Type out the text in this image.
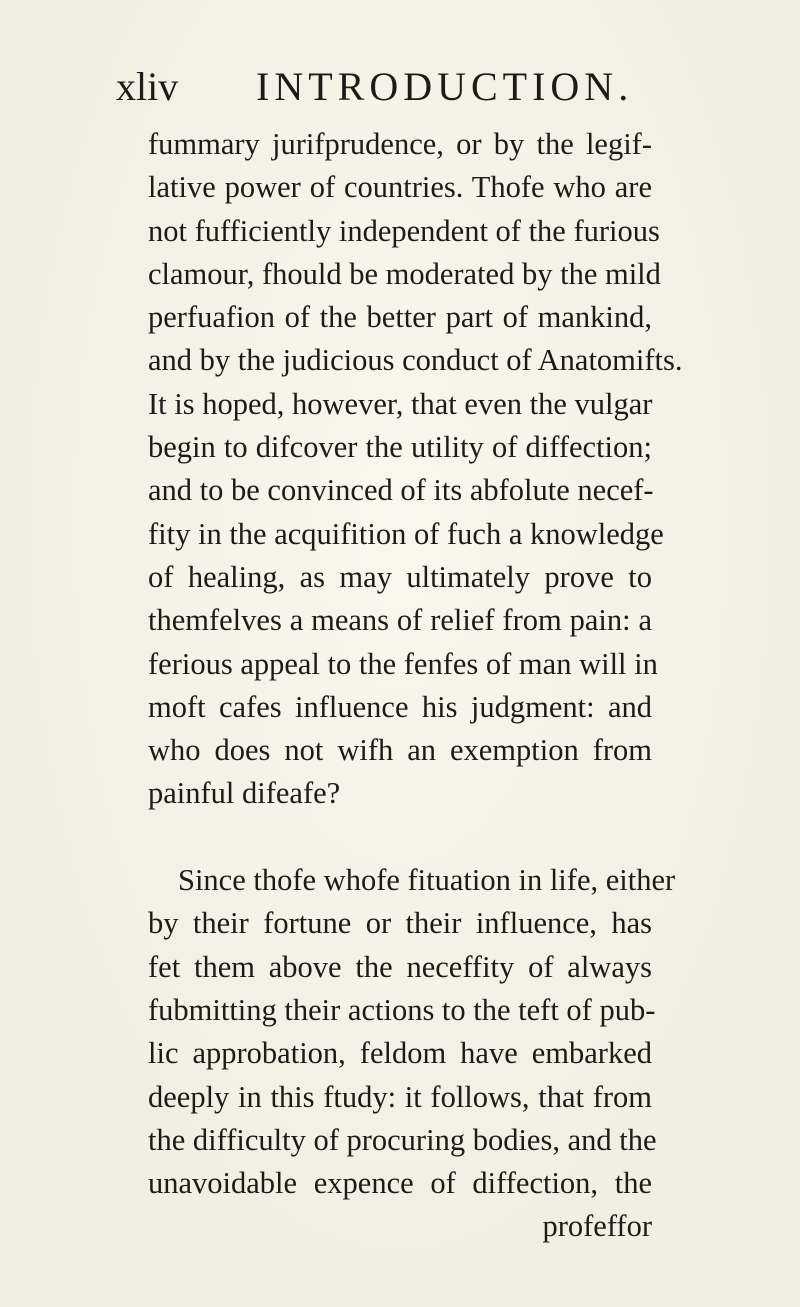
xliv INTRODUCTION.
fummary jurifprudence, or by the legif-
lative power of countries. Thofe who are
not fufficiently independent of the furious
clamour, fhould be moderated by the mild
perfuafion of the better part of mankind,
and by the judicious conduct of Anatomifts.
It is hoped, however, that even the vulgar
begin to difcover the utility of diffection;
and to be convinced of its abfolute necef-
fity in the acquifition of fuch a knowledge
of healing, as may ultimately prove to
themfelves a means of relief from pain: a
ferious appeal to the fenfes of man will in
moft cafes influence his judgment: and
who does not wifh an exemption from
painful difeafe?
Since thofe whofe fituation in life, either
by their fortune or their influence, has
fet them above the neceffity of always
fubmitting their actions to the teft of pub-
lic approbation, feldom have embarked
deeply in this ftudy: it follows, that from
the difficulty of procuring bodies, and the
unavoidable expence of diffection, the
profeffor
